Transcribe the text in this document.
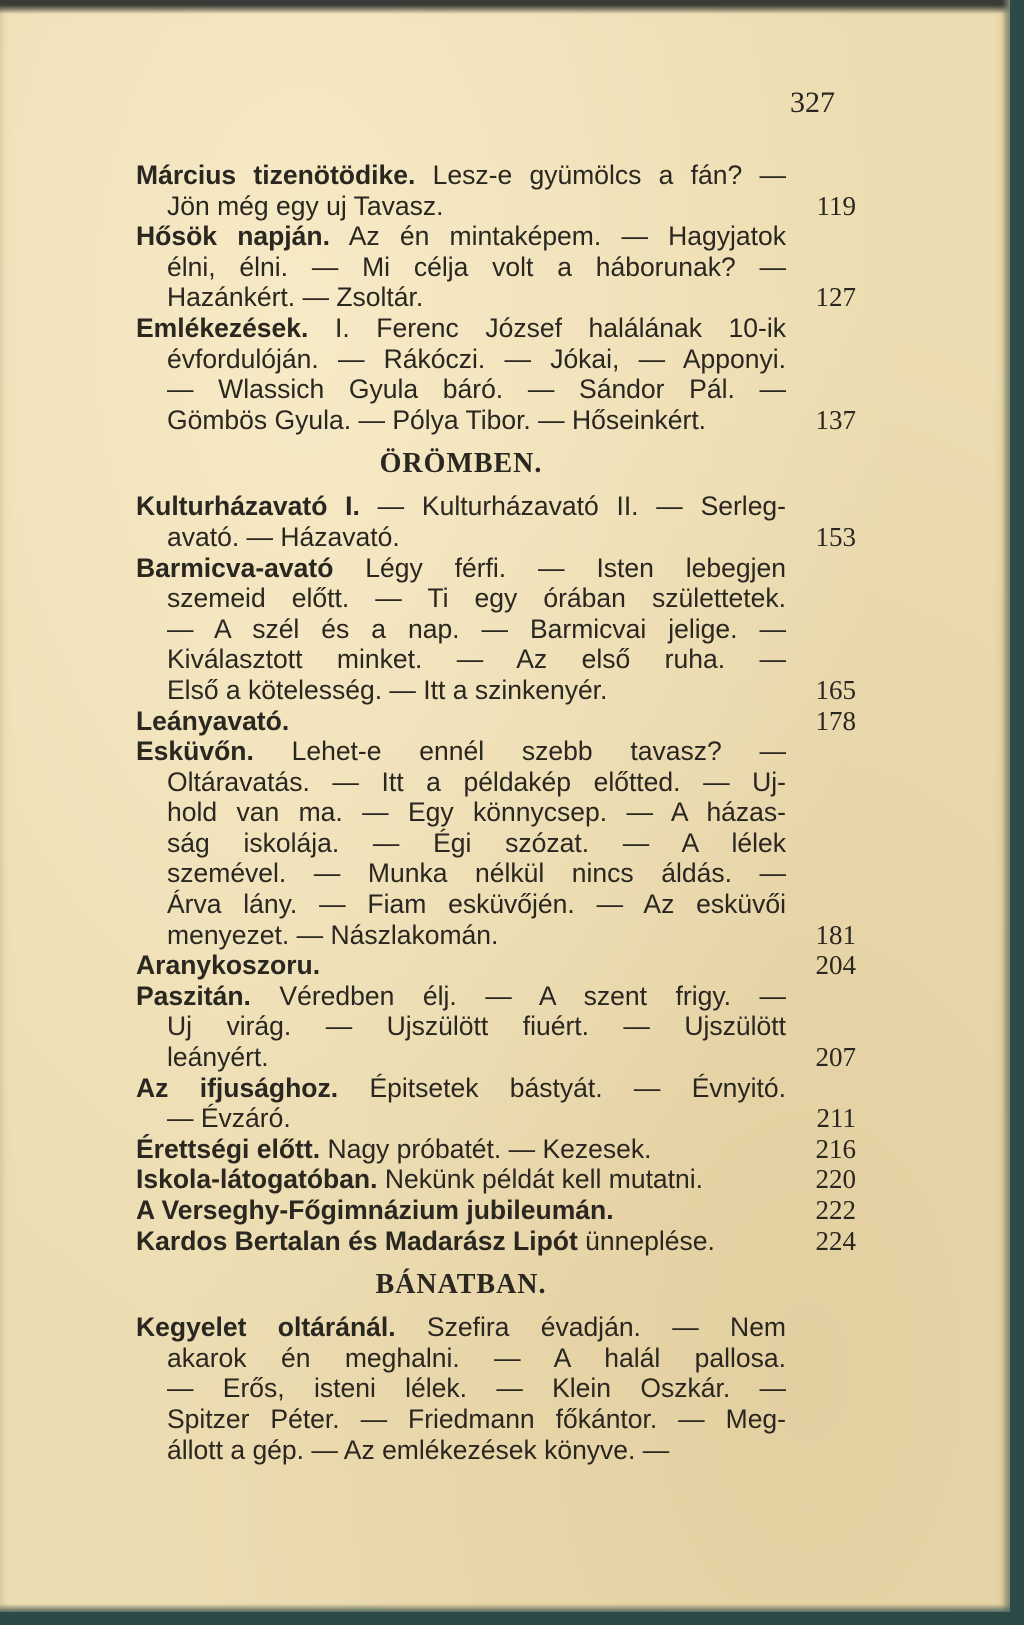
327
Március tizenötödike. Lesz-e gyümölcs a fán? —
Jön még egy uj Tavasz.	119
Hősök napján. Az én mintaképem. — Hagyjatok
élni, élni. — Mi célja volt a háborunak? —
Hazánkért. — Zsoltár.	127
Emlékezések. I. Ferenc József halálának 10-ik
évfordulóján. — Rákóczi. — Jókai, — Apponyi.
— Wlassich Gyula báró. — Sándor Pál. —
Gömbös Gyula. — Pólya Tibor. — Hőseinkért.	137
ÖRÖMBEN.
Kulturházavató I. — Kulturházavató II. — Serleg-
avató. — Házavató.	153
Barmicva-avató Légy férfi. — Isten lebegjen
szemeid előtt. — Ti egy órában születtetek.
— A szél és a nap. — Barmicvai jelige. —
Kiválasztott minket. — Az első ruha. —
Első a kötelesség. — Itt a szinkenyér.	165
Leányavató.	178
Esküvőn. Lehet-e ennél szebb tavasz? —
Oltáravatás. — Itt a példakép előtted. — Uj-
hold van ma. — Egy könnycsep. — A házas-
ság iskolája. — Égi szózat. — A lélek
szemével. — Munka nélkül nincs áldás. —
Árva lány. — Fiam esküvőjén. — Az esküvői
menyezet. — Nászlakomán.	181
Aranykoszoru.	204
Paszitán. Véredben élj. — A szent frigy. —
Uj virág. — Ujszülött fiuért. — Ujszülött
leányért.	207
Az ifjusághoz. Épitsetek bástyát. — Évnyitó.
— Évzáró.	211
Érettségi előtt. Nagy próbatét. — Kezesek.	216
Iskola-látogatóban. Nekünk példát kell mutatni.	220
A Verseghy-Főgimnázium jubileumán.	222
Kardos Bertalan és Madarász Lipót ünneplése.	224
BÁNATBAN.
Kegyelet oltáránál. Szefira évadján. — Nem
akarok én meghalni. — A halál pallosa.
— Erős, isteni lélek. — Klein Oszkár. —
Spitzer Péter. — Friedmann főkántor. — Meg-
állott a gép. — Az emlékezések könyve. —
